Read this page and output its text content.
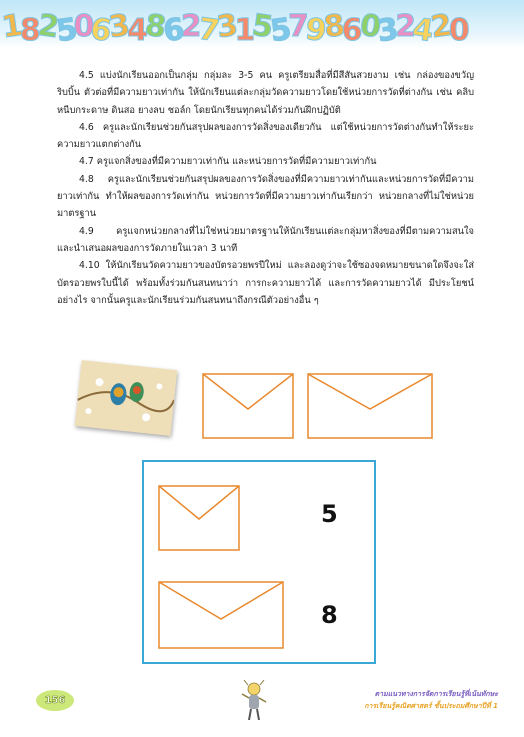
1
8
2
5
0
6
3
4
8
6
2
7
3
1
5
5
7
9
8
6
0
3
2
4
2
0

4.5 แบ่งนักเรียนออกเป็นกลุ่ม กลุ่มละ 3-5 คน ครูเตรียมสื่อที่มีสีสันสวยงาม เช่น กล่องของขวัญ ริบบิ้น ตัวต่อที่มีความยาวเท่ากัน ให้นักเรียนแต่ละกลุ่มวัดความยาวโดยใช้หน่วยการวัดที่ต่างกัน เช่น คลิบหนีบกระดาษ ดินสอ ยางลบ ชอล์ก โดยนักเรียนทุกคนได้ร่วมกันฝึกปฏิบัติ

4.6 ครูและนักเรียนช่วยกันสรุปผลของการวัดสิ่งของเดียวกัน แต่ใช้หน่วยการวัดต่างกันทำให้ระยะความยาวแตกต่างกัน

4.7 ครูแจกสิ่งของที่มีความยาวเท่ากัน และหน่วยการวัดที่มีความยาวเท่ากัน

4.8 ครูและนักเรียนช่วยกันสรุปผลของการวัดสิ่งของที่มีความยาวเท่ากันและหน่วยการวัดที่มีความยาวเท่ากัน ทำให้ผลของการวัดเท่ากัน หน่วยการวัดที่มีความยาวเท่ากันเรียกว่า หน่วยกลางที่ไม่ใช่หน่วยมาตรฐาน

4.9 ครูแจกหน่วยกลางที่ไม่ใช่หน่วยมาตรฐานให้นักเรียนแต่ละกลุ่มหาสิ่งของที่มีตามความสนใจ และนำเสนอผลของการวัดภายในเวลา 3 นาที

4.10 ให้นักเรียนวัดความยาวของบัตรอวยพรปีใหม่ และลองดูว่าจะใช้ซองจดหมายขนาดใดจึงจะใส่บัตรอวยพรใบนี้ได้ พร้อมทั้งร่วมกันสนทนาว่า การกะความยาวได้ และการวัดความยาวได้ มีประโยชน์อย่างไร จากนั้นครูและนักเรียนร่วมกันสนทนาถึงกรณีตัวอย่างอื่น ๆ

5
8
156
ตามแนวทางการจัดการเรียนรู้ที่เน้นทักษะ
การเรียนรู้คณิตศาสตร์ ชั้นประถมศึกษาปีที่ 1
